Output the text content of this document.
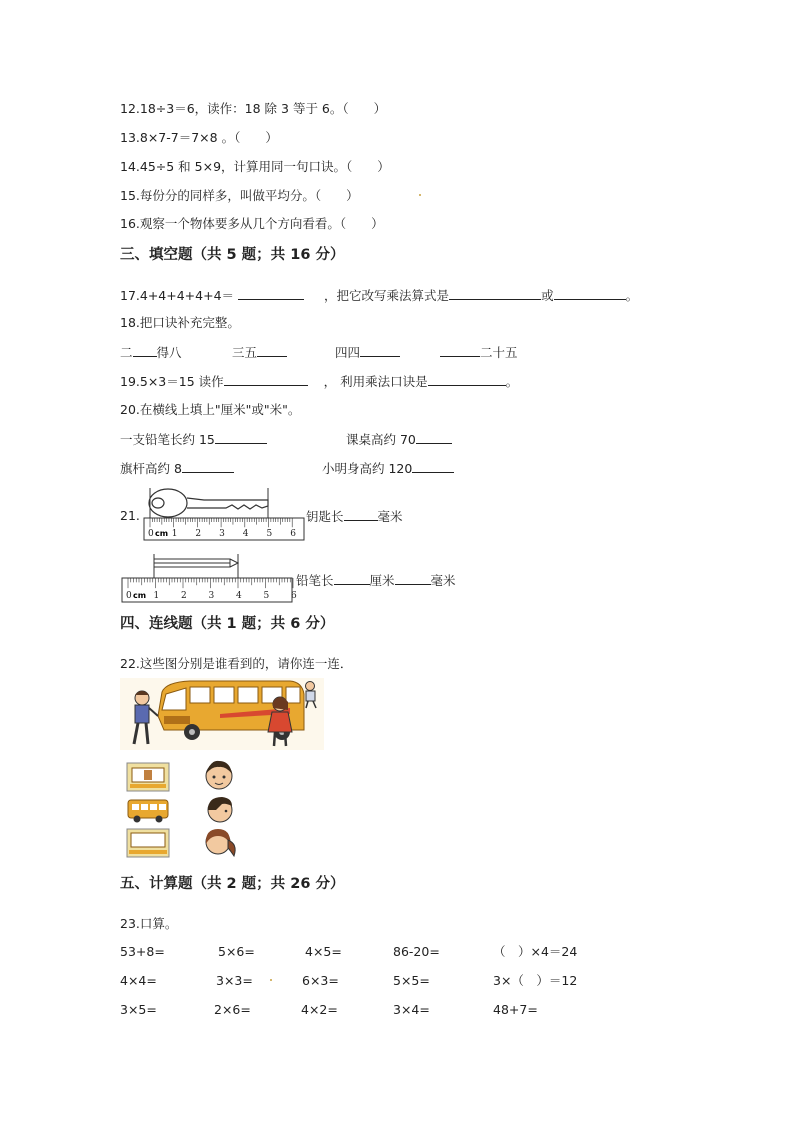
12.18÷3＝6，读作：18 除 3 等于 6。（　　）
13.8×7-7＝7×8 。（　　）
14.45÷5 和 5×9，计算用同一句口诀。（　　）
15.每份分的同样多，叫做平均分。（　　）
16.观察一个物体要多从几个方向看看。（　　）
三、填空题（共 5 题；共 16 分）
17.4+4+4+4+4＝	，把它改写乘法算式是	或	。
18.把口诀补充完整。
二 得八	三五	四四	二十五
19.5×3＝15 读作	， 利用乘法口诀是	。
20.在横线上填上"厘米"或"米"。
一支铅笔长约 15	课桌高约 70
旗杆高约 8	小明身高约 120
21.
0 1 2 3 4 5 6
cm
钥匙长	毫米
0 1 2 3 4 5 6
cm
铅笔长	厘米	毫米
四、连线题（共 1 题；共 6 分）
22.这些图分别是谁看到的，请你连一连．
五、计算题（共 2 题；共 26 分）
23.口算。
53+8=	5×6=	4×5=	86-20=	（　）×4＝24
4×4=	3×3=	6×3=	5×5=	3×（　）＝12
3×5=	2×6=	4×2=	3×4=	48+7=
